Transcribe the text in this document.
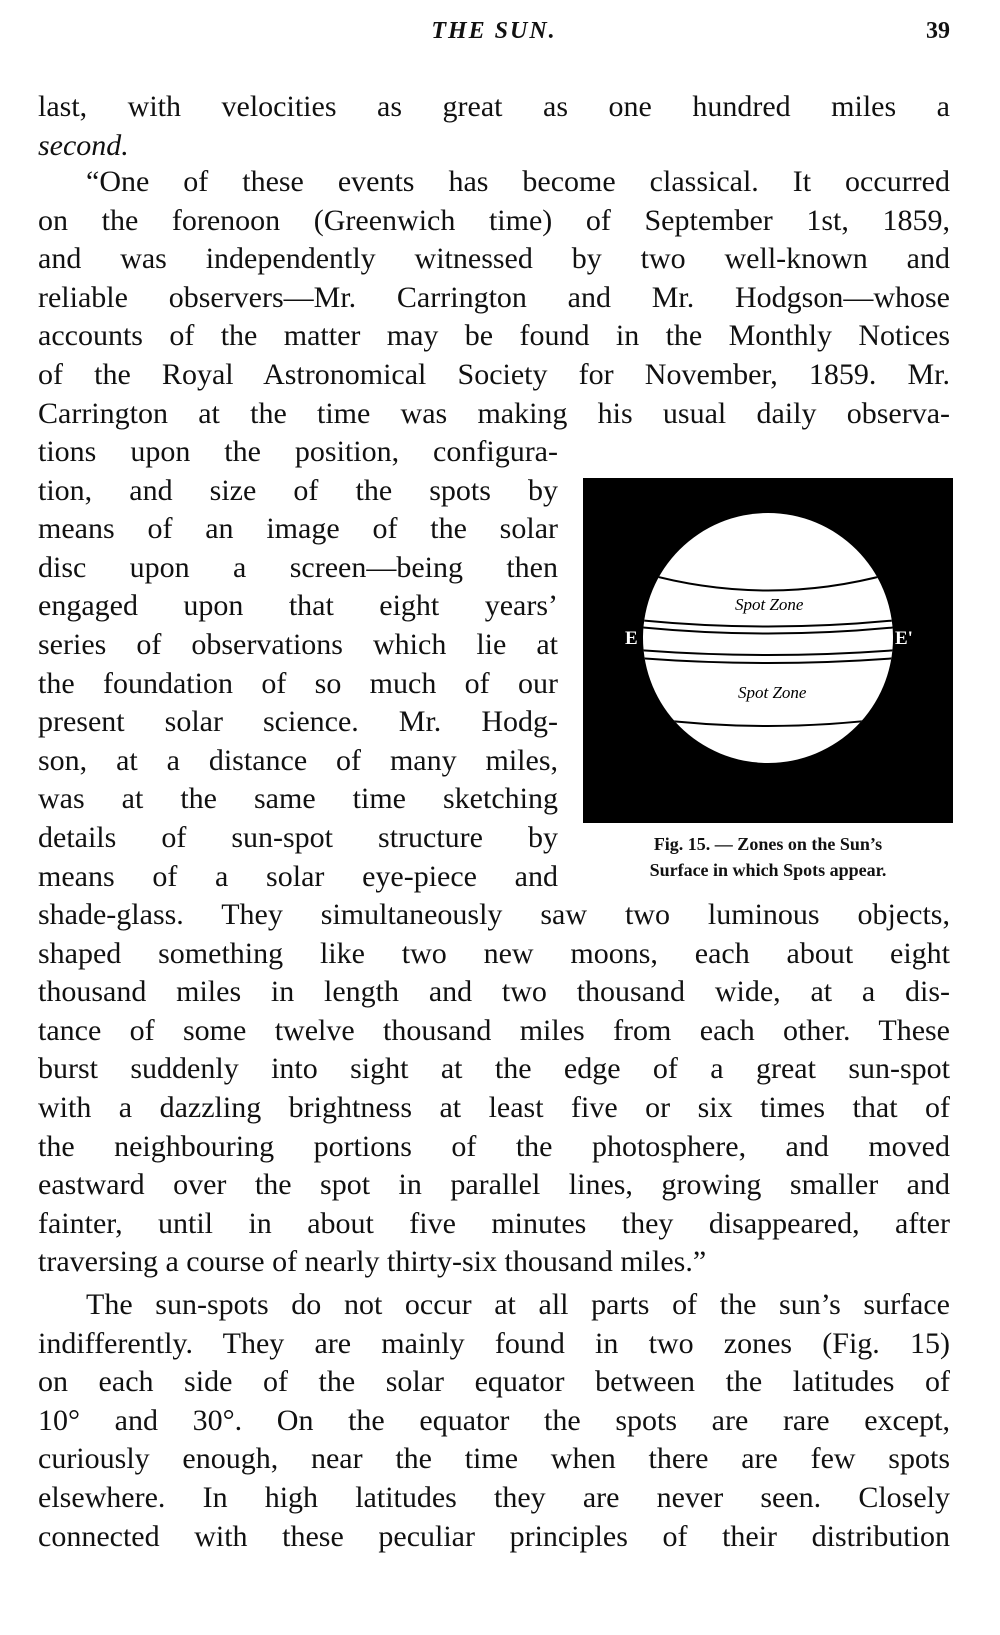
THE SUN.	39
last, with velocities as great as one hundred miles a
second.
“One of these events has become classical. It occurred
on the forenoon (Greenwich time) of September 1st, 1859,
and was independently witnessed by two well-known and
reliable observers—Mr. Carrington and Mr. Hodgson—whose
accounts of the matter may be found in the Monthly Notices
of the Royal Astronomical Society for November, 1859. Mr.
Carrington at the time was making his usual daily observa-
tions upon the position, configura-
tion, and size of the spots by
means of an image of the solar
disc upon a screen—being then
engaged upon that eight years’
series of observations which lie at
the foundation of so much of our
present solar science. Mr. Hodg-
son, at a distance of many miles,
was at the same time sketching
details of sun-spot structure by
means of a solar eye-piece and
Spot Zone
Spot Zone
E	E'
Fig. 15. — Zones on the Sun’s
Surface in which Spots appear.
shade-glass. They simultaneously saw two luminous objects,
shaped something like two new moons, each about eight
thousand miles in length and two thousand wide, at a dis-
tance of some twelve thousand miles from each other. These
burst suddenly into sight at the edge of a great sun-spot
with a dazzling brightness at least five or six times that of
the neighbouring portions of the photosphere, and moved
eastward over the spot in parallel lines, growing smaller and
fainter, until in about five minutes they disappeared, after
traversing a course of nearly thirty-six thousand miles.”
The sun-spots do not occur at all parts of the sun’s surface
indifferently. They are mainly found in two zones (Fig. 15)
on each side of the solar equator between the latitudes of
10° and 30°. On the equator the spots are rare except,
curiously enough, near the time when there are few spots
elsewhere. In high latitudes they are never seen. Closely
connected with these peculiar principles of their distribution
